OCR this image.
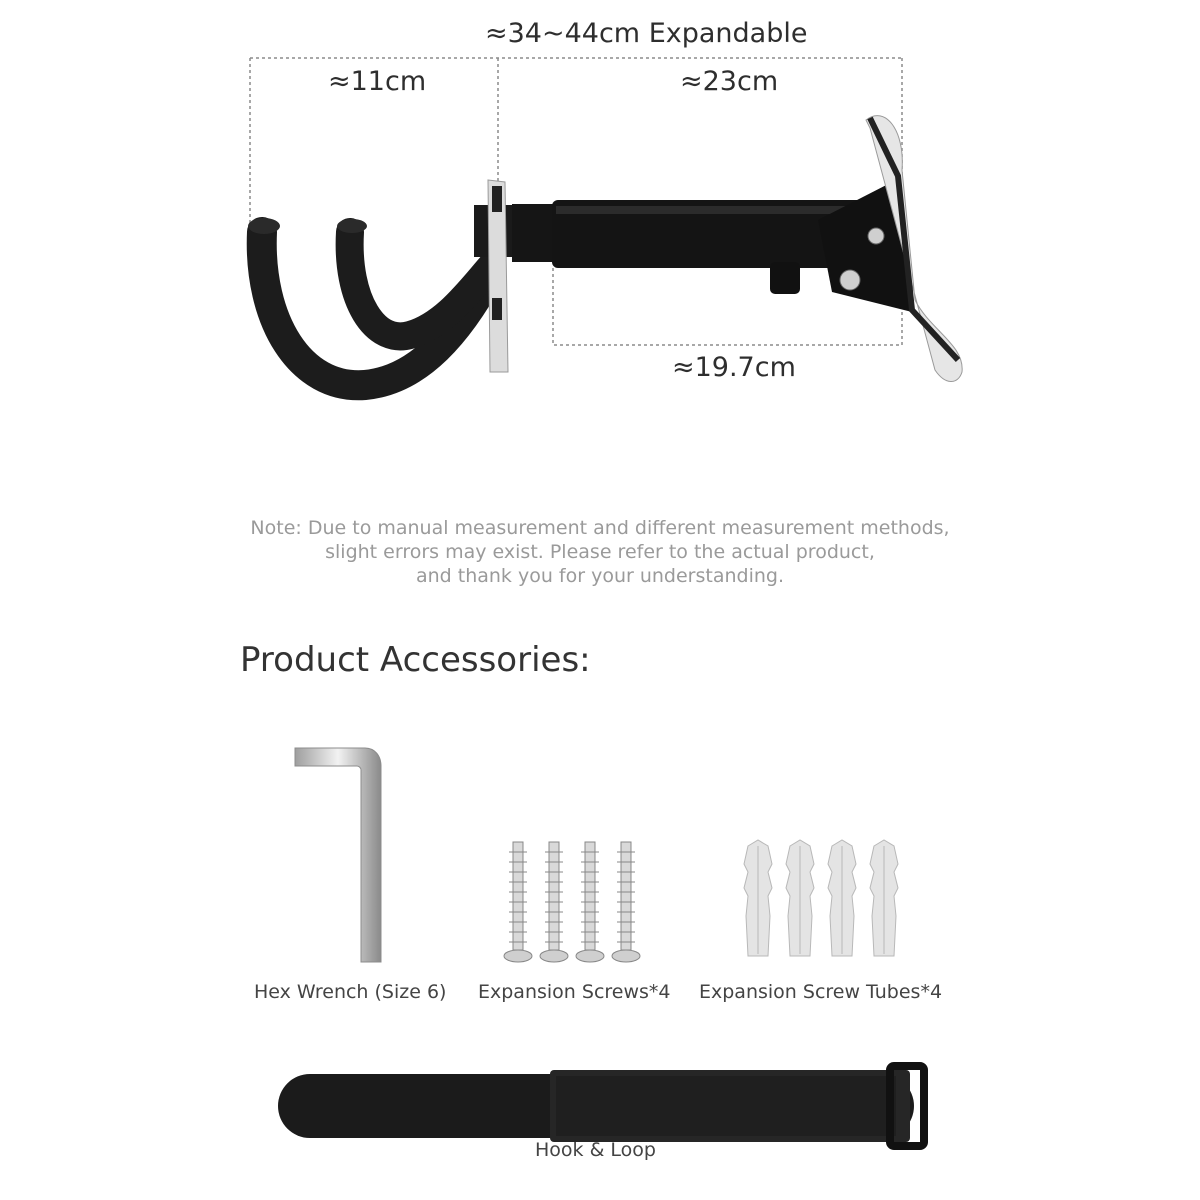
≈34~44cm Expandable
≈11cm	≈23cm
≈19.7cm
Note: Due to manual measurement and different measurement methods,
slight errors may exist. Please refer to the actual product,
and thank you for your understanding.
Product Accessories:
Hex Wrench (Size 6) Expansion Screws*4 Expansion Screw Tubes*4
Hook & Loop
